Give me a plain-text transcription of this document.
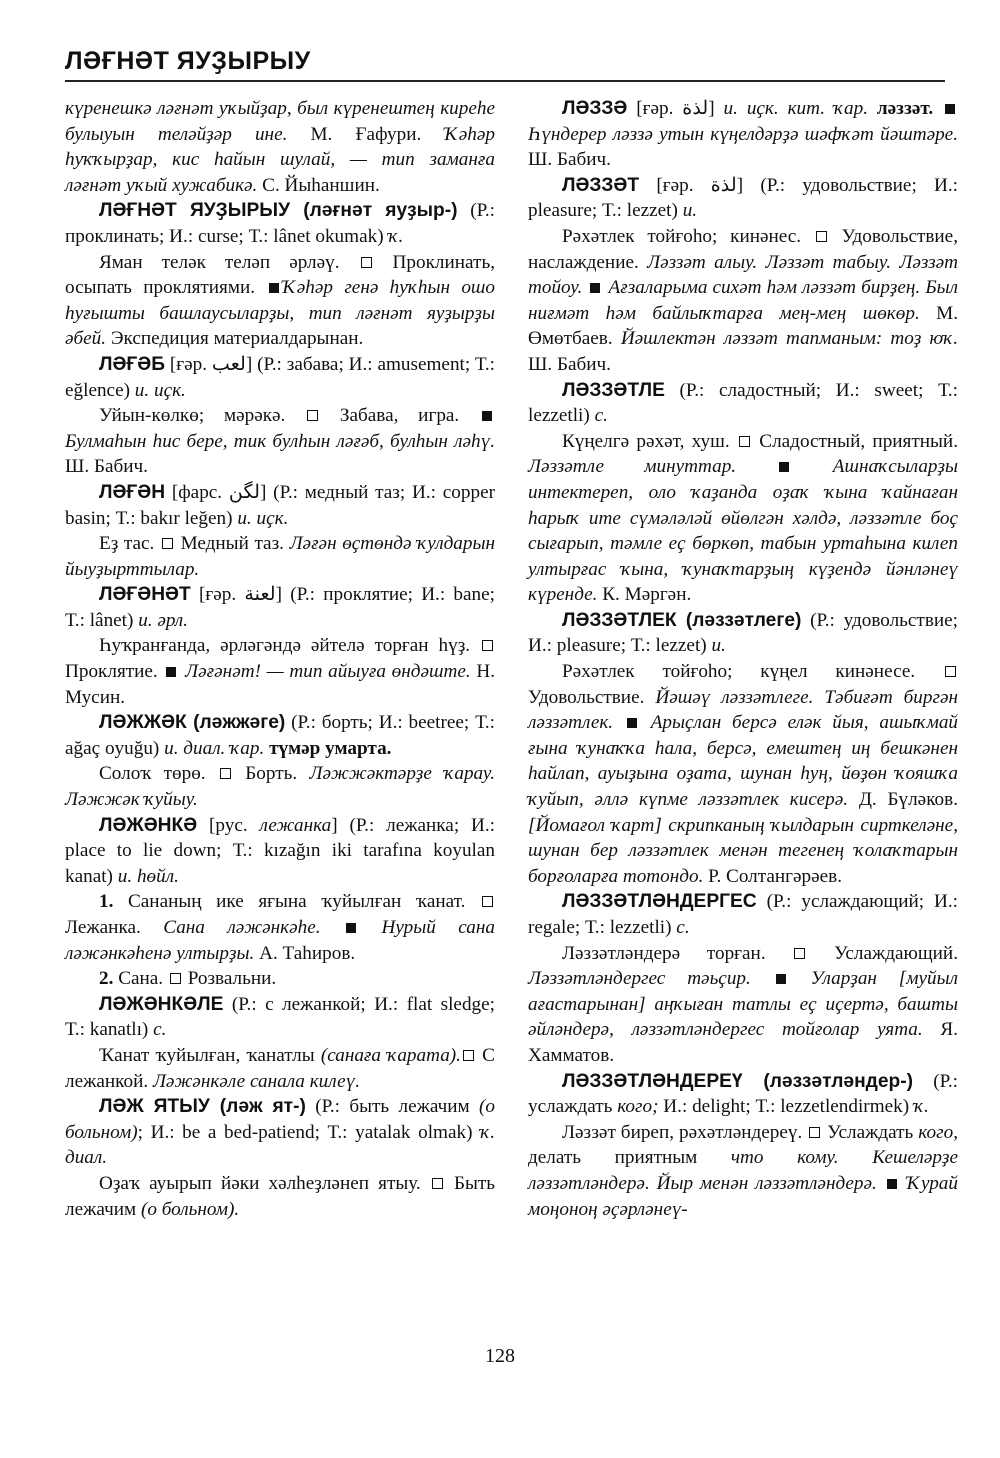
ЛӘҒНӘТ ЯУҘЫРЫУ

күренешкә ләғнәт уҡыйҙар, был күренештең киреһе булыуын теләйҙәр ине. М. Ғафури. Ҡәһәр һуҡҡырҙар, кис һайын шулай, — тип заманға ләғнәт уҡый хужабикә. С. Йыһаншин.

ЛӘҒНӘТ ЯУҘЫРЫУ (ләғнәт яуҙыр-) (Р.: проклинать; И.: curse; Т.: lânet okumak) ҡ.

Яман теләк теләп әрләү.  Проклинать, осыпать проклятиями. Ҡәһәр генә һуҡһын ошо һуғышты башлаусыларҙы, тип ләғнәт яуҙырҙы әбей. Экспедиция материалдарынан.

ЛӘҒӘБ [ғәр. لعب] (Р.: забава; И.: amusement; Т.: eğlence) и. иҫк.

Уйын-көлкө; мәрәкә.  Забава, игра.  Булмаһын һис бере, тик булһын ләғәб, булһын ләһү. Ш. Бабич.

ЛӘҒӘН [фарс. لگن] (Р.: медный таз; И.: copper basin; Т.: bakır leğen) и. иҫк.

Еҙ тас.  Медный таз. Ләғән өҫтөндә ҡулдарын йыуҙырттылар.

ЛӘҒӘНӘТ [ғәр. لعنة] (Р.: проклятие; И.: bane; Т.: lânet) и. әрл.

Һуҡранғанда, әрләгәндә әйтелә торған һүҙ.  Проклятие.  Ләғәнәт! — тип айыуға өндәште. Н. Мусин.

ЛӘЖЖӘК (ләжжәге) (Р.: борть; И.: beetree; Т.: ağaç oyuğu) и. диал. ҡар. түмәр умарта.

Солоҡ төрө.  Борть. Ләжжәктәрҙе ҡарау. Ләжжәк ҡуйыу.

ЛӘЖӘНКӘ [рус. лежанка] (Р.: лежанка; И.: place to lie down; Т.: kızağın iki tarafına koyulan kanat) и. һөйл.

1. Сананың ике яғына ҡуйылған ҡанат.  Лежанка. Сана ләжәнкәһе.  Нурый сана ләжәнкәһенә ултырҙы. А. Таһиров.

2. Сана.  Розвальни.

ЛӘЖӘНКӘЛЕ (Р.: с лежанкой; И.: flat sledge; Т.: kanatlı) с.

Ҡанат ҡуйылған, ҡанатлы (санаға ҡарата). С лежанкой. Ләжәнкәле санала килеү.

ЛӘЖ ЯТЫУ (ләж ят-) (Р.: быть лежачим (о больном); И.: be a bed-patiend; Т.: yatalak olmak) ҡ. диал.

Оҙаҡ ауырып йәки хәлһеҙләнеп ятыу.  Быть лежачим (о больном).

ЛӘЗЗӘ [ғәр. لذة] и. иҫк. кит. ҡар. ләззәт.  Һүндерер ләззә утын күңелдәрҙә шәфҡәт йәштәре. Ш. Бабич.

ЛӘЗЗӘТ [ғәр. لذة] (Р.: удовольствие; И.: pleasure; Т.: lezzet) и.

Рәхәтлек тойғоһо; кинәнес.  Удовольствие, наслаждение. Ләззәт алыу. Ләззәт табыу. Ләззәт тойоу.  Ағзаларыма сихәт һәм ләззәт бирҙең. Был ниғмәт һәм байлыҡтарға мең-мең шөкөр. М. Өмөтбаев. Йәшлектән ләззәт тапманым: тоҙ юҡ. Ш. Бабич.

ЛӘЗЗӘТЛЕ (Р.: сладостный; И.: sweet; Т.: lezzetli) с.

Күңелгә рәхәт, хуш.  Сладостный, приятный. Ләззәтле минуттар.  Ашнаҡсыларҙы интектереп, оло ҡаҙанда оҙаҡ ҡына ҡайнаған һарыҡ ите сүмәләләй өйөлгән хәлдә, ләззәтле боҫ сығарып, тәмле еҫ бөркөп, табын уртаһына килеп ултырғас ҡына, ҡунаҡтарҙың күҙендә йәнләнеү күренде. К. Мәргән.

ЛӘЗЗӘТЛЕК (ләззәтлеге) (Р.: удовольствие; И.: pleasure; Т.: lezzet) и.

Рәхәтлек тойғоһо; күңел кинәнесе.  Удовольствие. Йәшәү ләззәтлеге. Тәбиғәт биргән ләззәтлек.  Арыҫлан берсә еләк йыя, ашыҡмай ғына ҡунаҡҡа һала, берсә, емештең иң бешкәнен һайлап, ауыҙына оҙата, шунан һуң, йөҙөн ҡояшҡа ҡуйып, әллә күпме ләззәтлек кисерә. Д. Бүләков. [Йомағол ҡарт] скрипканың ҡылдарын сирткеләне, шунан бер ләззәтлек менән тегенең ҡолаҡтарын борғоларға тотондо. Р. Солтангәрәев.

ЛӘЗЗӘТЛӘНДЕРГЕС (Р.: услаждающий; И.: regale; Т.: lezzetli) с.

Ләззәтләндерә торған.  Услаждающий. Ләззәтләндергес тәьҫир.  Уларҙан [муйыл ағастарынан] аңҡыған татлы еҫ иҫертә, башты әйләндерә, ләззәтләндергес тойғолар уята. Я. Хамматов.

ЛӘЗЗӘТЛӘНДЕРЕҮ (ләззәтләндер-) (Р.: услаждать кого; И.: delight; Т.: lezzetlendirmek) ҡ.

Ләззәт биреп, рәхәтләндереү.  Услаждать кого, делать приятным что кому. Кешеләрҙе ләззәтләндерә. Йыр менән ләззәтләндерә.  Ҡурай моңонοң әҫәрләнеү-

128
